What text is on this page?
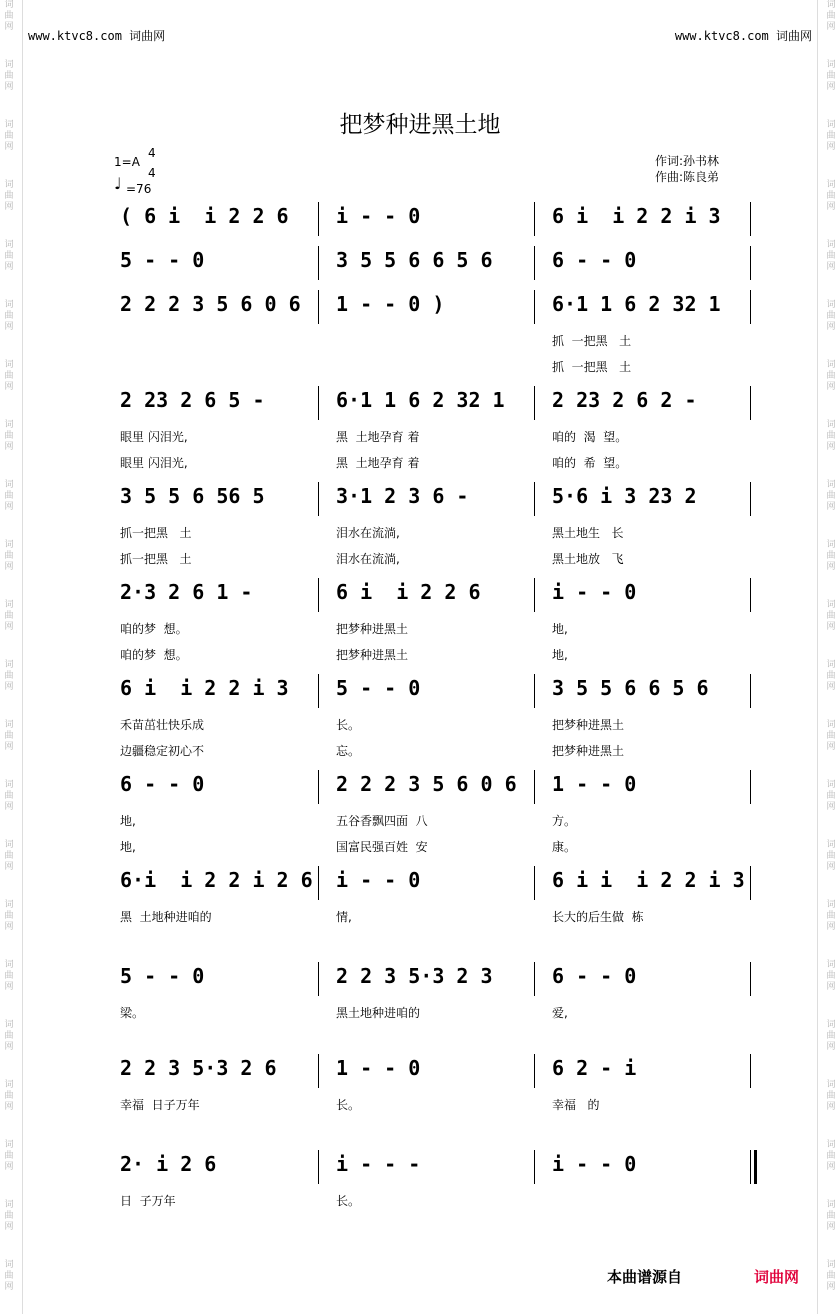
词
曲
网
词
曲
网
词
曲
网
词
曲
网
词
曲
网
词
曲
网
词
曲
网
词
曲
网
词
曲
网
词
曲
网
词
曲
网
词
曲
网
词
曲
网
词
曲
网
词
曲
网
词
曲
网
词
曲
网
词
曲
网
词
曲
网
词
曲
网
词
曲
网
词
曲
网
词
曲
网
词
曲
网
词
曲
网
词
曲
网
词
曲
网
词
曲
网
词
曲
网
词
曲
网
词
曲
网
词
曲
网
词
曲
网
词
曲
网
词
曲
网
词
曲
网
词
曲
网
词
曲
网
词
曲
网
词
曲
网
词
曲
网
词
曲
网
词
曲
网
词
曲
网
www.ktvc8.com 词曲网	www.ktvc8.com 词曲网
把梦种进黑土地
1=A
4
4
♩ =76
作词:孙书林
作曲:陈良弟
( 6 i  i 2 2 6 i - - 0	6 i  i 2 2 i 3
5 - - 0	3 5 5 6 6 5 6	6 - - 0
2 2 2 3 5 6 0 6 1 - - 0 )	6·1 1 6 2 32 1
抓  一把黑   土
抓  一把黑   土
2 23 2 6 5 -
眼里 闪泪光,
眼里 闪泪光,
6·1 1 6 2 32 1
黑  土地孕育 着
黑  土地孕育 着
2 23 2 6 2 -
咱的  渴  望。
咱的  希  望。
3 5 5 6 56 5
抓一把黑   土
抓一把黑   土
3·1 2 3 6 -
泪水在流淌,
泪水在流淌,
5·6 i 3 23 2
黑土地生   长
黑土地放   飞
2·3 2 6 1 -
咱的梦  想。
咱的梦  想。
6 i  i 2 2 6
把梦种进黑土
把梦种进黑土
i - - 0
地,
地,
6 i  i 2 2 i 3
禾苗茁壮快乐成
边疆稳定初心不
5 - - 0
长。
忘。
3 5 5 6 6 5 6
把梦种进黑土
把梦种进黑土
6 - - 0
地,
地,
2 2 2 3 5 6 0 6
五谷香飘四面  八
国富民强百姓  安
1 - - 0
方。
康。
6·i  i 2 2 i 2 6
黑  土地种进咱的
i - - 0
情,
6 i i  i 2 2 i 3
长大的后生做  栋
5 - - 0
梁。
2 2 3 5·3 2 3
黑土地种进咱的
6 - - 0
爱,
2 2 3 5·3 2 6
幸福  日子万年
1 - - 0
长。
6 2 - i
幸福   的
2· i 2 6
日  子万年
i - - -
长。
i - - 0
本曲谱源自	词曲网
